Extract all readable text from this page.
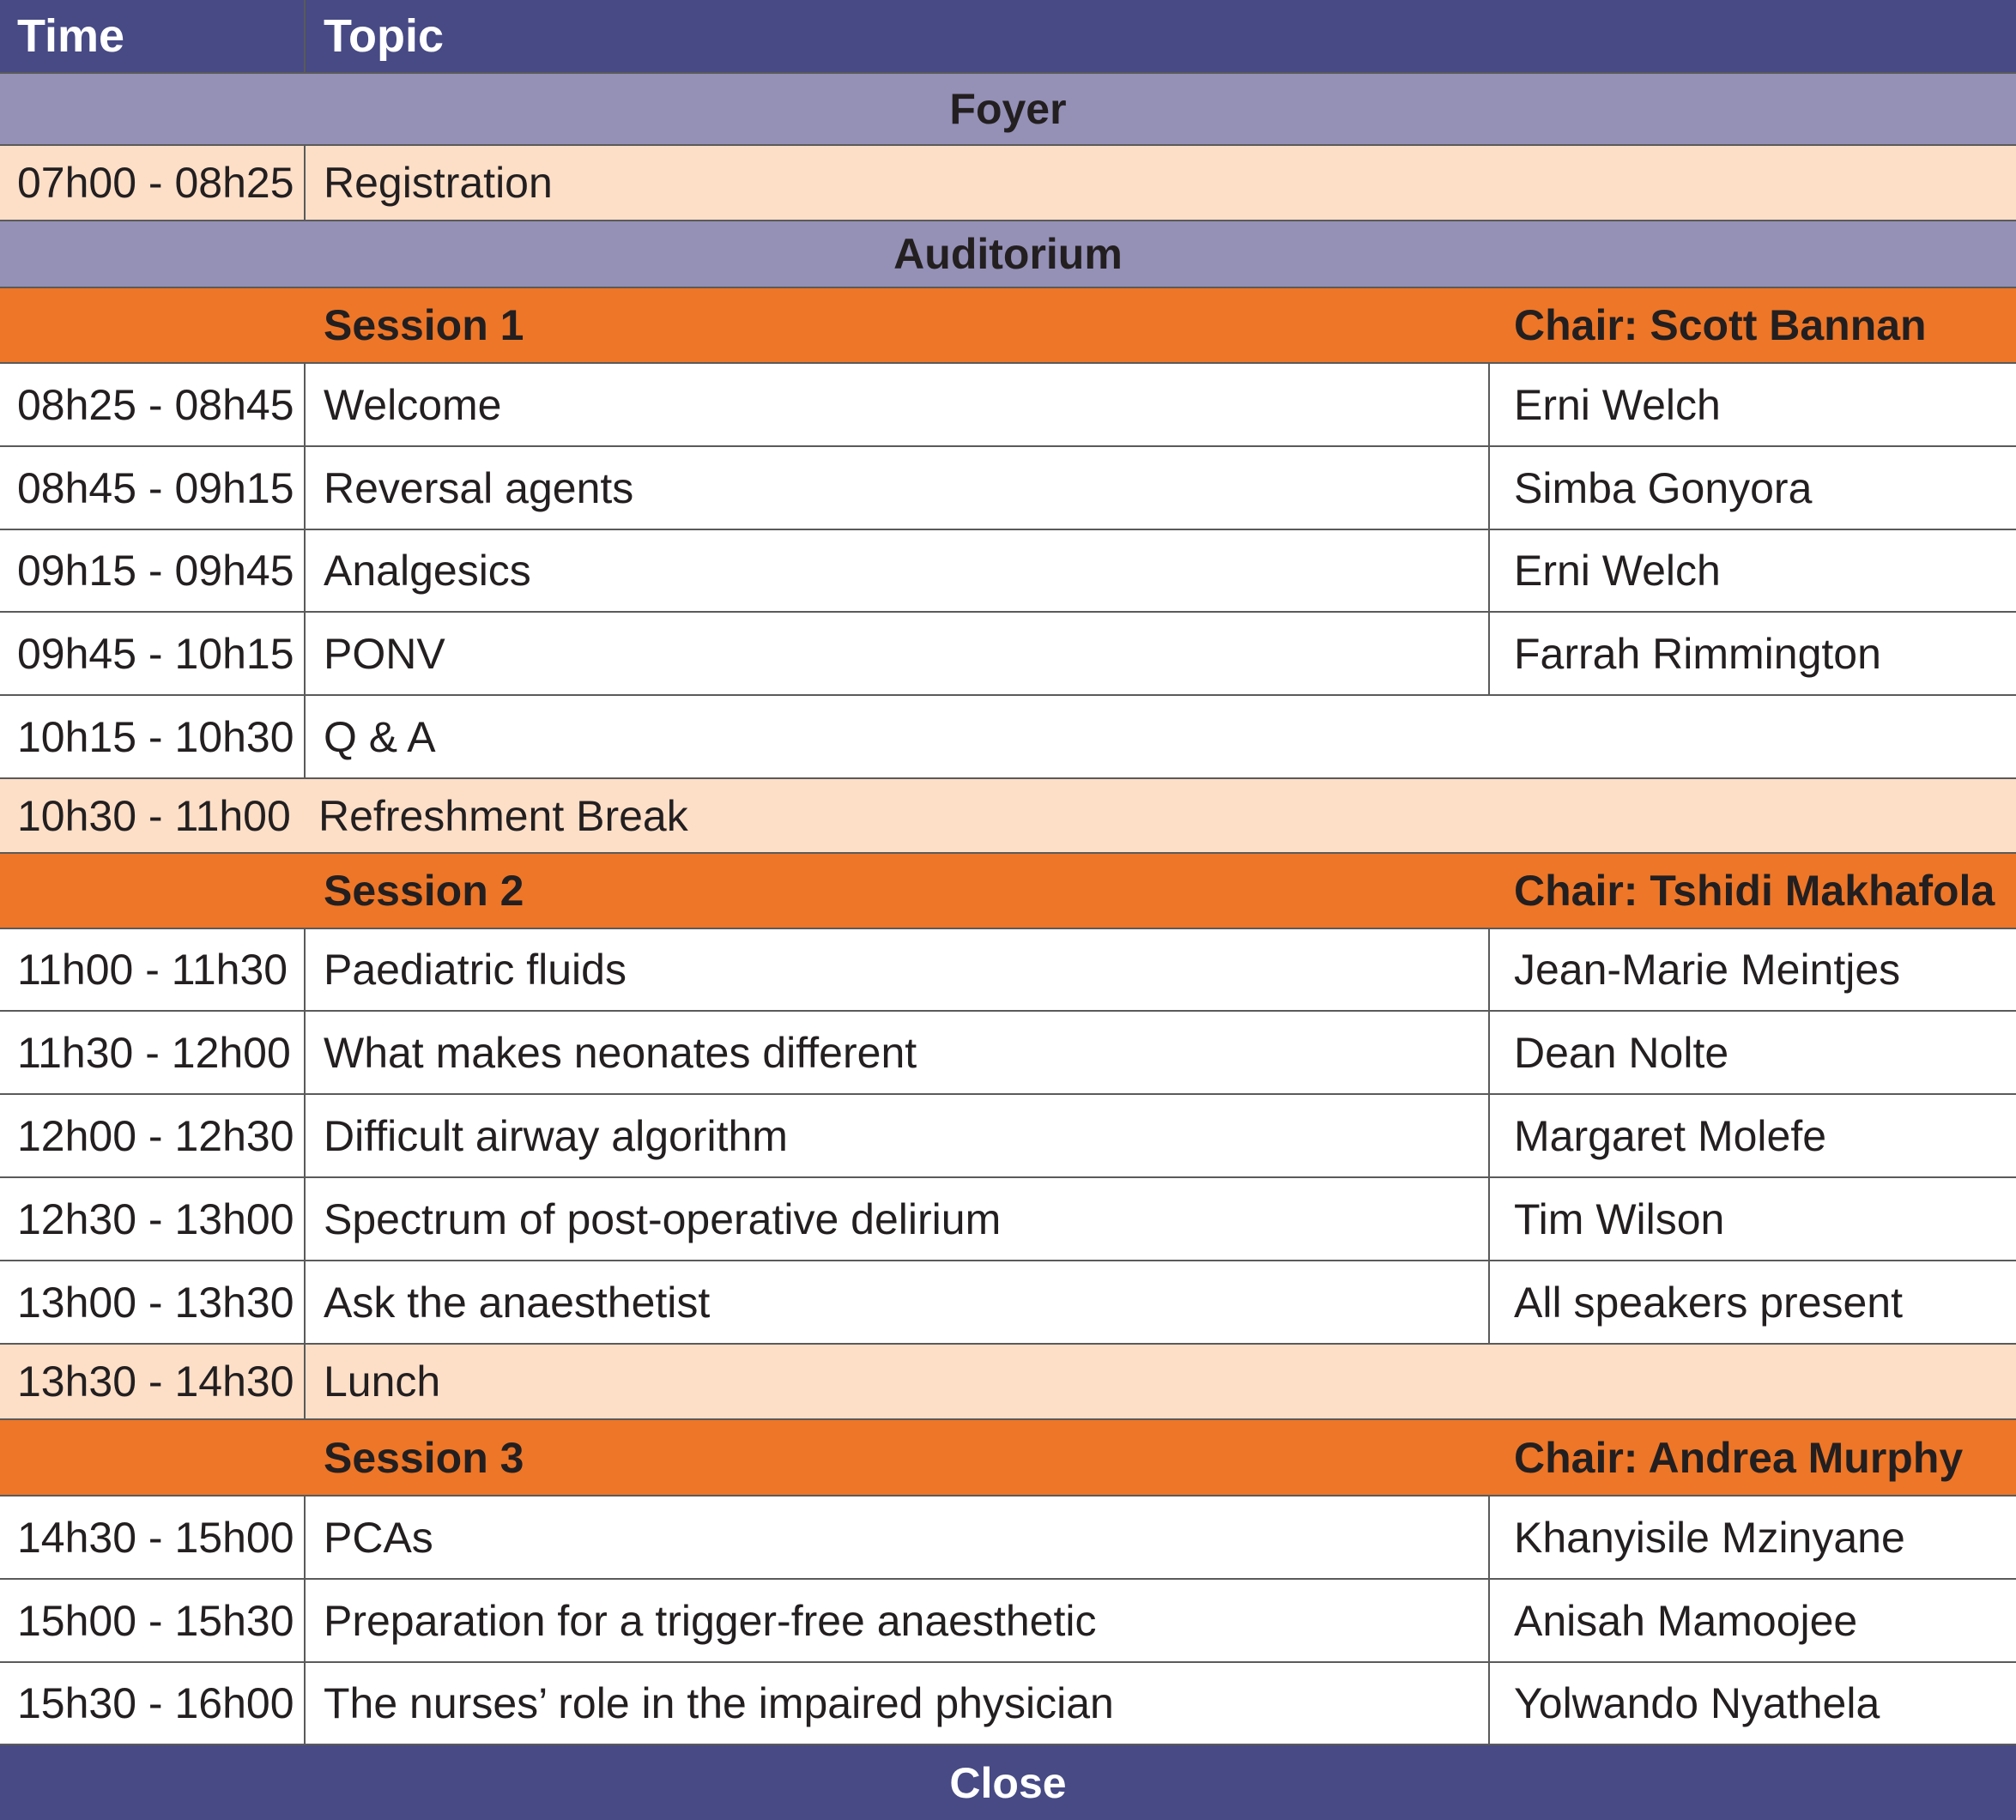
Time	Topic
Foyer
07h00 - 08h25 Registration
Auditorium
Session 1	Chair: Scott Bannan
08h25 - 08h45 Welcome	Erni Welch
08h45 - 09h15 Reversal agents	Simba Gonyora
09h15 - 09h45 Analgesics	Erni Welch
09h45 - 10h15 PONV	Farrah Rimmington
10h15 - 10h30 Q & A
10h30 - 11h00 Refreshment Break
Session 2	Chair: Tshidi Makhafola
11h00 - 11h30 Paediatric fluids	Jean-Marie Meintjes
11h30 - 12h00 What makes neonates different	Dean Nolte
12h00 - 12h30 Difficult airway algorithm	Margaret Molefe
12h30 - 13h00 Spectrum of post-operative delirium	Tim Wilson
13h00 - 13h30 Ask the anaesthetist	All speakers present
13h30 - 14h30 Lunch
Session 3	Chair: Andrea Murphy
14h30 - 15h00 PCAs	Khanyisile Mzinyane
15h00 - 15h30 Preparation for a trigger-free anaesthetic	Anisah Mamoojee
15h30 - 16h00 The nurses’ role in the impaired physician	Yolwando Nyathela
Close
